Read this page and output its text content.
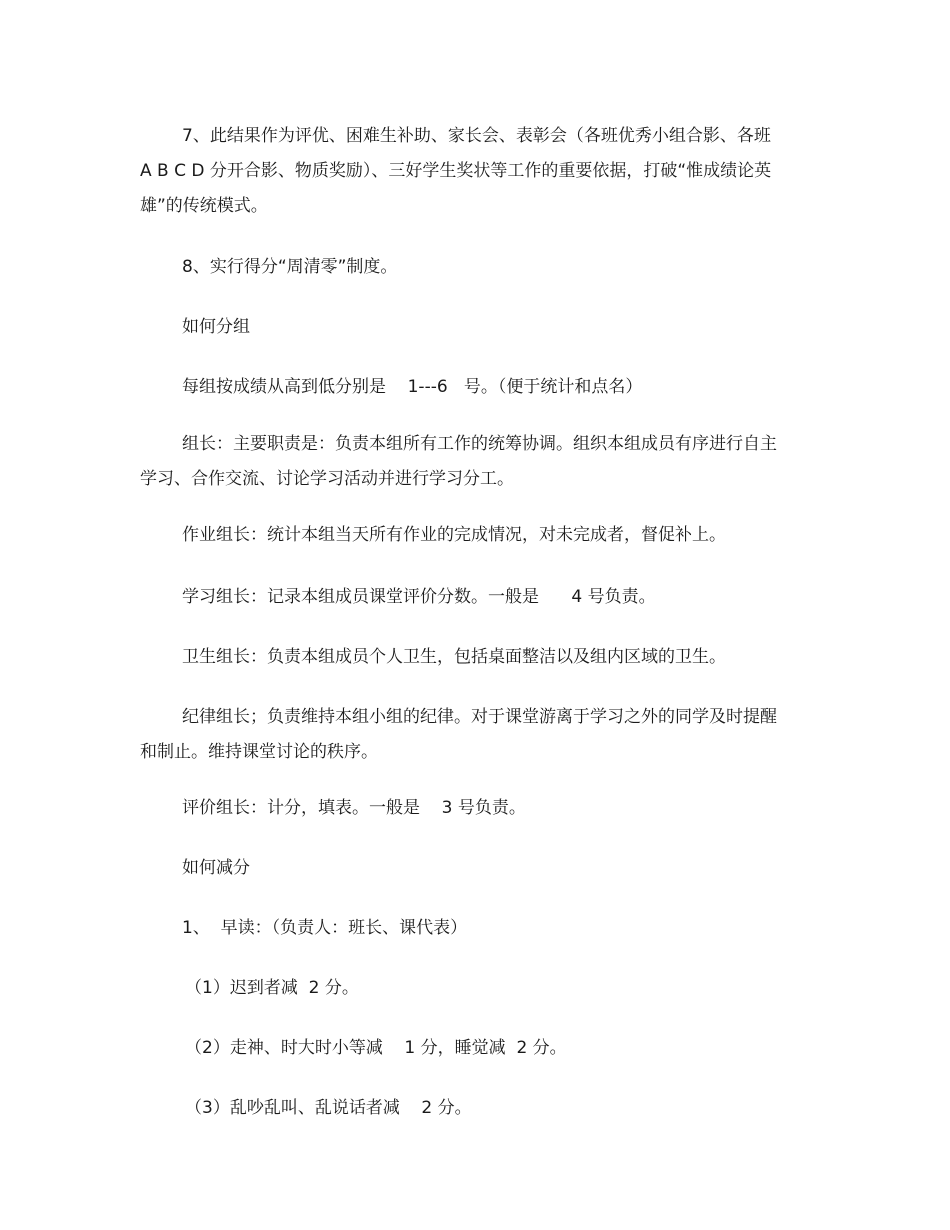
7、此结果作为评优、困难生补助、家长会、表彰会（各班优秀小组合影、各班 A B C D 分开合影、物质奖励）、三好学生奖状等工作的重要依据，打破“惟成绩论英雄”的传统模式。
8、实行得分“周清零”制度。
如何分组
每组按成绩从高到低分别是    1---6   号。（便于统计和点名）
组长：主要职责是：负责本组所有工作的统筹协调。组织本组成员有序进行自主学习、合作交流、讨论学习活动并进行学习分工。
作业组长：统计本组当天所有作业的完成情况，对未完成者，督促补上。
学习组长：记录本组成员课堂评价分数。一般是      4 号负责。
卫生组长：负责本组成员个人卫生，包括桌面整洁以及组内区域的卫生。
纪律组长；负责维持本组小组的纪律。对于课堂游离于学习之外的同学及时提醒和制止。维持课堂讨论的秩序。
评价组长：计分，填表。一般是    3 号负责。
如何减分
1、  早读：（负责人：班长、课代表）
（1）迟到者减  2 分。
（2）走神、时大时小等减    1 分，睡觉减  2 分。
（3）乱吵乱叫、乱说话者减    2 分。
